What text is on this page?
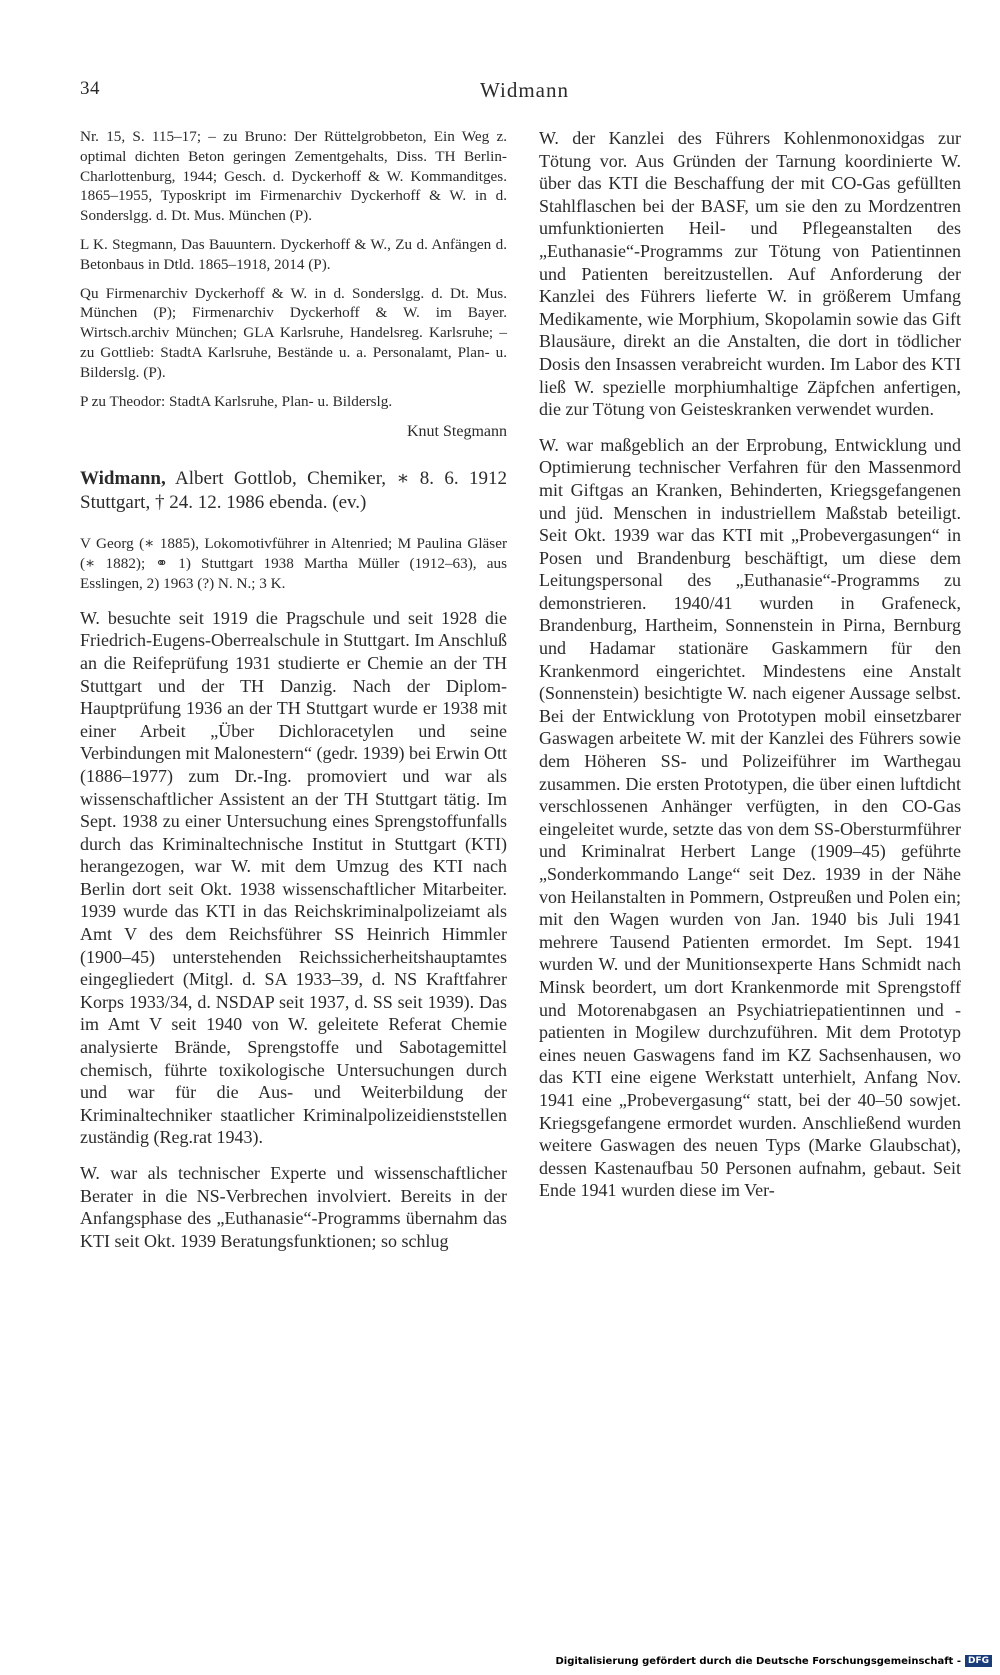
34	Widmann

Nr. 15, S. 115–17; – zu Bruno: Der Rüttelgrobbeton, Ein Weg z. optimal dichten Beton geringen Zementgehalts, Diss. TH Berlin-Charlottenburg, 1944; Gesch. d. Dyckerhoff & W. Kommanditges. 1865–1955, Typoskript im Firmenarchiv Dyckerhoff & W. in d. Sonderslgg. d. Dt. Mus. München (P).

L K. Stegmann, Das Bauuntern. Dyckerhoff & W., Zu d. Anfängen d. Betonbaus in Dtld. 1865–1918, 2014 (P).

Qu Firmenarchiv Dyckerhoff & W. in d. Sonderslgg. d. Dt. Mus. München (P); Firmenarchiv Dyckerhoff & W. im Bayer. Wirtsch.archiv München; GLA Karlsruhe, Handelsreg. Karlsruhe; – zu Gottlieb: StadtA Karlsruhe, Bestände u. a. Personalamt, Plan- u. Bilderslg. (P).

P zu Theodor: StadtA Karlsruhe, Plan- u. Bilderslg.

Knut Stegmann

Widmann, Albert Gottlob, Chemiker, ∗ 8. 6. 1912 Stuttgart, † 24. 12. 1986 ebenda. (ev.)

V Georg (∗ 1885), Lokomotivführer in Altenried; M Paulina Gläser (∗ 1882); ⚭ 1) Stuttgart 1938 Martha Müller (1912–63), aus Esslingen, 2) 1963 (?) N. N.; 3 K.

W. besuchte seit 1919 die Pragschule und seit 1928 die Friedrich-Eugens-Oberrealschule in Stuttgart. Im Anschluß an die Reifeprüfung 1931 studierte er Chemie an der TH Stuttgart und der TH Danzig. Nach der Diplom-Hauptprüfung 1936 an der TH Stuttgart wurde er 1938 mit einer Arbeit „Über Dichloracetylen und seine Verbindungen mit Malonestern“ (gedr. 1939) bei Erwin Ott (1886–1977) zum Dr.-Ing. promoviert und war als wissenschaftlicher Assistent an der TH Stuttgart tätig. Im Sept. 1938 zu einer Untersuchung eines Sprengstoffunfalls durch das Kriminaltechnische Institut in Stuttgart (KTI) herangezogen, war W. mit dem Umzug des KTI nach Berlin dort seit Okt. 1938 wissenschaftlicher Mitarbeiter. 1939 wurde das KTI in das Reichskriminalpolizeiamt als Amt V des dem Reichsführer SS Heinrich Himmler (1900–45) unterstehenden Reichssicherheitshauptamtes eingegliedert (Mitgl. d. SA 1933–39, d. NS Kraftfahrer Korps 1933/34, d. NSDAP seit 1937, d. SS seit 1939). Das im Amt V seit 1940 von W. geleitete Referat Chemie analysierte Brände, Sprengstoffe und Sabotagemittel chemisch, führte toxikologische Untersuchungen durch und war für die Aus- und Weiterbildung der Kriminaltechniker staatlicher Kriminalpolizeidienststellen zuständig (Reg.rat 1943).

W. war als technischer Experte und wissenschaftlicher Berater in die NS-Verbrechen involviert. Bereits in der Anfangsphase des „Euthanasie“-Programms übernahm das KTI seit Okt. 1939 Beratungsfunktionen; so schlug

W. der Kanzlei des Führers Kohlenmonoxidgas zur Tötung vor. Aus Gründen der Tarnung koordinierte W. über das KTI die Beschaffung der mit CO-Gas gefüllten Stahlflaschen bei der BASF, um sie den zu Mordzentren umfunktionierten Heil- und Pflegeanstalten des „Euthanasie“-Programms zur Tötung von Patientinnen und Patienten bereitzustellen. Auf Anforderung der Kanzlei des Führers lieferte W. in größerem Umfang Medikamente, wie Morphium, Skopolamin sowie das Gift Blausäure, direkt an die Anstalten, die dort in tödlicher Dosis den Insassen verabreicht wurden. Im Labor des KTI ließ W. spezielle morphiumhaltige Zäpfchen anfertigen, die zur Tötung von Geisteskranken verwendet wurden.

W. war maßgeblich an der Erprobung, Entwicklung und Optimierung technischer Verfahren für den Massenmord mit Giftgas an Kranken, Behinderten, Kriegsgefangenen und jüd. Menschen in industriellem Maßstab beteiligt. Seit Okt. 1939 war das KTI mit „Probevergasungen“ in Posen und Brandenburg beschäftigt, um diese dem Leitungspersonal des „Euthanasie“-Programms zu demonstrieren. 1940/41 wurden in Grafeneck, Brandenburg, Hartheim, Sonnenstein in Pirna, Bernburg und Hadamar stationäre Gaskammern für den Krankenmord eingerichtet. Mindestens eine Anstalt (Sonnenstein) besichtigte W. nach eigener Aussage selbst. Bei der Entwicklung von Prototypen mobil einsetzbarer Gaswagen arbeitete W. mit der Kanzlei des Führers sowie dem Höheren SS- und Polizeiführer im Warthegau zusammen. Die ersten Prototypen, die über einen luftdicht verschlossenen Anhänger verfügten, in den CO-Gas eingeleitet wurde, setzte das von dem SS-Obersturmführer und Kriminalrat Herbert Lange (1909–45) geführte „Sonderkommando Lange“ seit Dez. 1939 in der Nähe von Heilanstalten in Pommern, Ostpreußen und Polen ein; mit den Wagen wurden von Jan. 1940 bis Juli 1941 mehrere Tausend Patienten ermordet. Im Sept. 1941 wurden W. und der Munitionsexperte Hans Schmidt nach Minsk beordert, um dort Krankenmorde mit Sprengstoff und Motorenabgasen an Psychiatriepatientinnen und -patienten in Mogilew durchzuführen. Mit dem Prototyp eines neuen Gaswagens fand im KZ Sachsenhausen, wo das KTI eine eigene Werkstatt unterhielt, Anfang Nov. 1941 eine „Probevergasung“ statt, bei der 40–50 sowjet. Kriegsgefangene ermordet wurden. Anschließend wurden weitere Gaswagen des neuen Typs (Marke Glaubschat), dessen Kastenaufbau 50 Personen aufnahm, gebaut. Seit Ende 1941 wurden diese im Ver-

Digitalisierung gefördert durch die Deutsche Forschungsgemeinschaft - DFG
